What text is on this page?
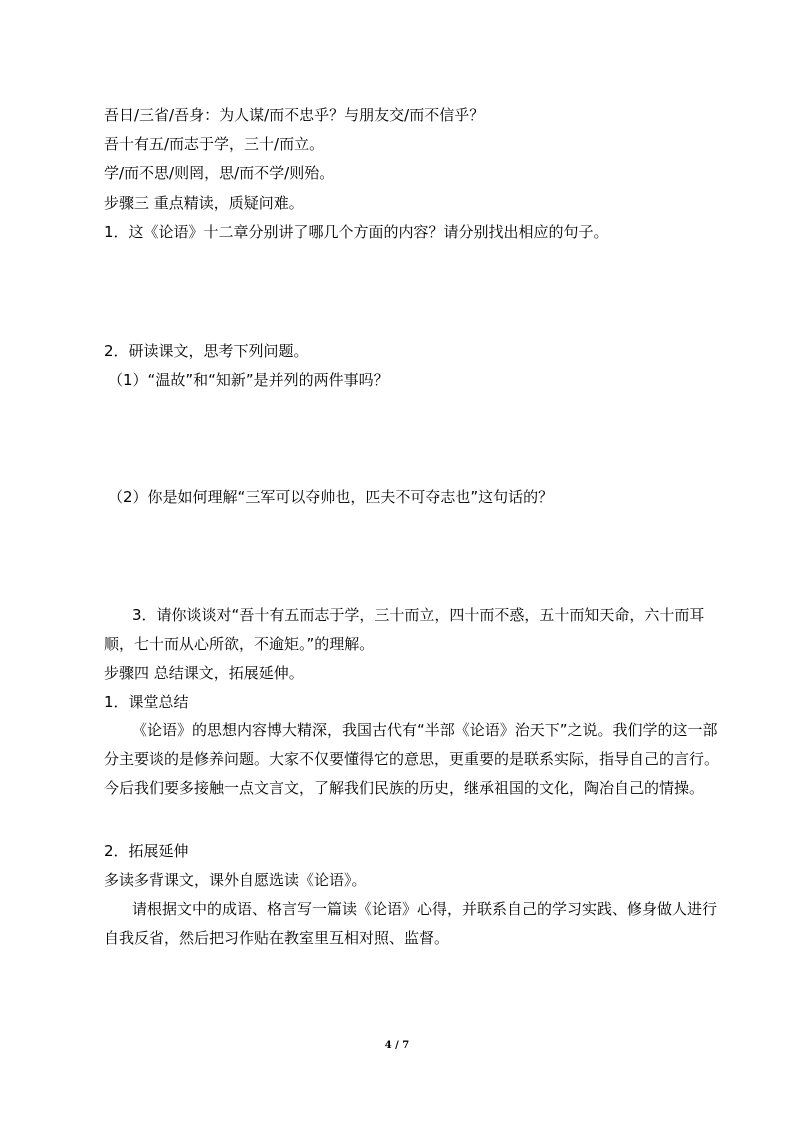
吾日/三省/吾身：为人谋/而不忠乎？与朋友交/而不信乎？
吾十有五/而志于学，三十/而立。
学/而不思/则罔，思/而不学/则殆。
步骤三 重点精读，质疑问难。
1．这《论语》十二章分别讲了哪几个方面的内容？请分别找出相应的句子。
2．研读课文，思考下列问题。
（1）“温故”和“知新”是并列的两件事吗？
（2）你是如何理解“三军可以夺帅也，匹夫不可夺志也”这句话的？
3．请你谈谈对“吾十有五而志于学，三十而立，四十而不惑，五十而知天命，六十而耳顺，七十而从心所欲，不逾矩。”的理解。
步骤四 总结课文，拓展延伸。
1．课堂总结
《论语》的思想内容博大精深，我国古代有“半部《论语》治天下”之说。我们学的这一部分主要谈的是修养问题。大家不仅要懂得它的意思，更重要的是联系实际，指导自己的言行。今后我们要多接触一点文言文，了解我们民族的历史，继承祖国的文化，陶冶自己的情操。
2．拓展延伸
多读多背课文，课外自愿选读《论语》。
请根据文中的成语、格言写一篇读《论语》心得，并联系自己的学习实践、修身做人进行自我反省，然后把习作贴在教室里互相对照、监督。
4 / 7
